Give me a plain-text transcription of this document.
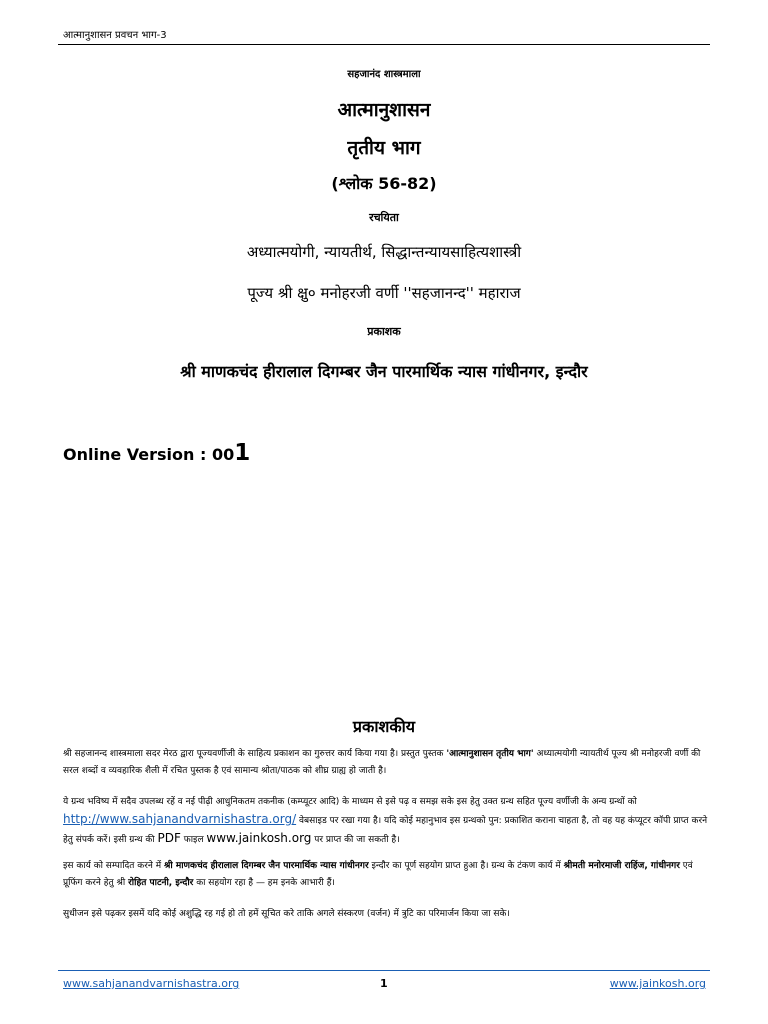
आत्मानुशासन प्रवचन भाग-3
सहजानंद शास्त्रमाला
आत्मानुशासन
तृतीय भाग
(श्लोक 56-82)
रचयिता
अध्यात्मयोगी, न्यायतीर्थ, सिद्धान्तन्यायसाहित्यशास्त्री
पूज्य श्री क्षु० मनोहरजी वर्णी ''सहजानन्द'' महाराज
प्रकाशक
श्री माणकचंद हीरालाल दिगम्बर जैन पारमार्थिक न्यास गांधीनगर, इन्दौर
Online Version : 001
प्रकाशकीय
श्री सहजानन्द शास्त्रमाला सदर मेरठ द्वारा पूज्यवर्णीजी के साहित्य प्रकाशन का गुरुत्तर कार्य किया गया है। प्रस्तुत पुस्तक 'आत्मानुशासन तृतीय भाग' अध्यात्मयोगी न्यायतीर्थ पूज्य श्री मनोहरजी वर्णी की सरल शब्दों व व्यवहारिक शैली में रचित पुस्तक है एवं सामान्य श्रोता/पाठक को शीघ्र ग्राह्य हो जाती है।
ये ग्रन्थ भविष्य में सदैव उपलब्ध रहें व नई पीढ़ी आधुनिकतम तकनीक (कम्प्यूटर आदि) के माध्यम से इसे पढ़ व समझ सके इस हेतु उक्त ग्रन्थ सहित पूज्य वर्णीजी के अन्य ग्रन्थों को http://www.sahjanandvarnishastra.org/ वेबसाइड पर रखा गया है। यदि कोई महानुभाव इस ग्रन्थको पुन: प्रकाशित कराना चाहता है, तो वह यह कंप्यूटर कॉपी प्राप्त करने हेतु संपर्क करें। इसी ग्रन्थ की PDF फाइल www.jainkosh.org पर प्राप्त की जा सकती है।
इस कार्य को सम्पादित करने में श्री माणकचंद हीरालाल दिगम्बर जैन पारमार्थिक न्यास गांधीनगर इन्दौर का पूर्ण सहयोग प्राप्त हुआ है। ग्रन्थ के टंकण कार्य में श्रीमती मनोरमाजी राहिंज, गांधीनगर एवं प्रूफिंग करने हेतु श्री रोहित पाटनी, इन्दौर का सहयोग रहा है — हम इनके आभारी हैं।
सुधीजन इसे पढ़कर इसमें यदि कोई अशुद्धि रह गई हो तो हमें सूचित करे ताकि अगले संस्करण (वर्जन) में त्रुटि का परिमार्जन किया जा सके।
www.sahjanandvarnishastra.org	1	www.jainkosh.org
